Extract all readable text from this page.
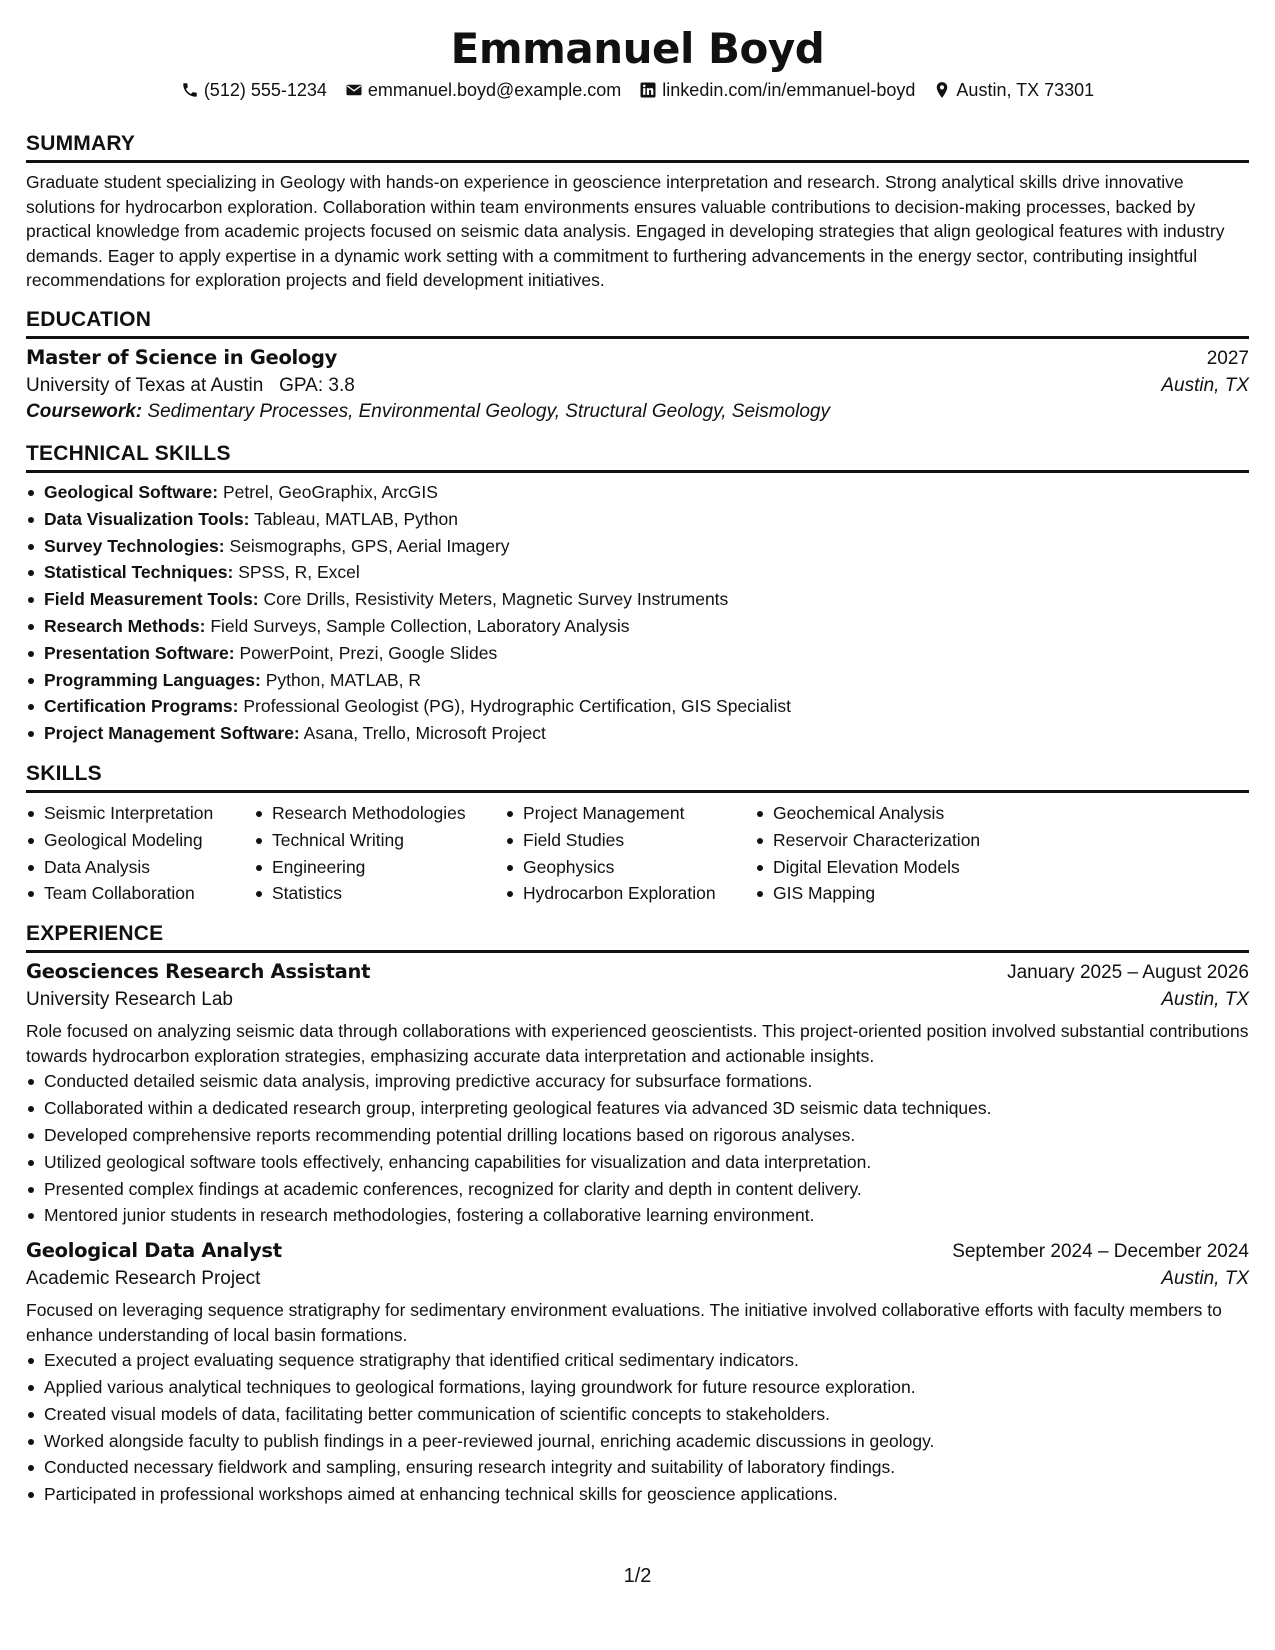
Emmanuel Boyd
(512) 555-1234 emmanuel.boyd@example.com linkedin.com/in/emmanuel-boyd Austin, TX 73301
SUMMARY

Graduate student specializing in Geology with hands-on experience in geoscience interpretation and research. Strong analytical skills drive innovative solutions for hydrocarbon exploration. Collaboration within team environments ensures valuable contributions to decision-making processes, backed by practical knowledge from academic projects focused on seismic data analysis. Engaged in developing strategies that align geological features with industry demands. Eager to apply expertise in a dynamic work setting with a commitment to furthering advancements in the energy sector, contributing insightful recommendations for exploration projects and field development initiatives.

EDUCATION
Master of Science in Geology	2027
University of Texas at Austin GPA: 3.8	Austin, TX
Coursework: Sedimentary Processes, Environmental Geology, Structural Geology, Seismology
TECHNICAL SKILLS
Geological Software: Petrel, GeoGraphix, ArcGIS
Data Visualization Tools: Tableau, MATLAB, Python
Survey Technologies: Seismographs, GPS, Aerial Imagery
Statistical Techniques: SPSS, R, Excel
Field Measurement Tools: Core Drills, Resistivity Meters, Magnetic Survey Instruments
Research Methods: Field Surveys, Sample Collection, Laboratory Analysis
Presentation Software: PowerPoint, Prezi, Google Slides
Programming Languages: Python, MATLAB, R
Certification Programs: Professional Geologist (PG), Hydrographic Certification, GIS Specialist
Project Management Software: Asana, Trello, Microsoft Project
SKILLS
Seismic Interpretation
Geological Modeling
Data Analysis
Team Collaboration
Research Methodologies
Technical Writing
Engineering
Statistics
Project Management
Field Studies
Geophysics
Hydrocarbon Exploration
Geochemical Analysis
Reservoir Characterization
Digital Elevation Models
GIS Mapping
EXPERIENCE
Geosciences Research Assistant	January 2025 – August 2026
University Research Lab	Austin, TX
Role focused on analyzing seismic data through collaborations with experienced geoscientists. This project-oriented position involved substantial contributions towards hydrocarbon exploration strategies, emphasizing accurate data interpretation and actionable insights.
Conducted detailed seismic data analysis, improving predictive accuracy for subsurface formations.
Collaborated within a dedicated research group, interpreting geological features via advanced 3D seismic data techniques.
Developed comprehensive reports recommending potential drilling locations based on rigorous analyses.
Utilized geological software tools effectively, enhancing capabilities for visualization and data interpretation.
Presented complex findings at academic conferences, recognized for clarity and depth in content delivery.
Mentored junior students in research methodologies, fostering a collaborative learning environment.
Geological Data Analyst	September 2024 – December 2024
Academic Research Project	Austin, TX
Focused on leveraging sequence stratigraphy for sedimentary environment evaluations. The initiative involved collaborative efforts with faculty members to enhance understanding of local basin formations.
Executed a project evaluating sequence stratigraphy that identified critical sedimentary indicators.
Applied various analytical techniques to geological formations, laying groundwork for future resource exploration.
Created visual models of data, facilitating better communication of scientific concepts to stakeholders.
Worked alongside faculty to publish findings in a peer-reviewed journal, enriching academic discussions in geology.
Conducted necessary fieldwork and sampling, ensuring research integrity and suitability of laboratory findings.
Participated in professional workshops aimed at enhancing technical skills for geoscience applications.
1/2
